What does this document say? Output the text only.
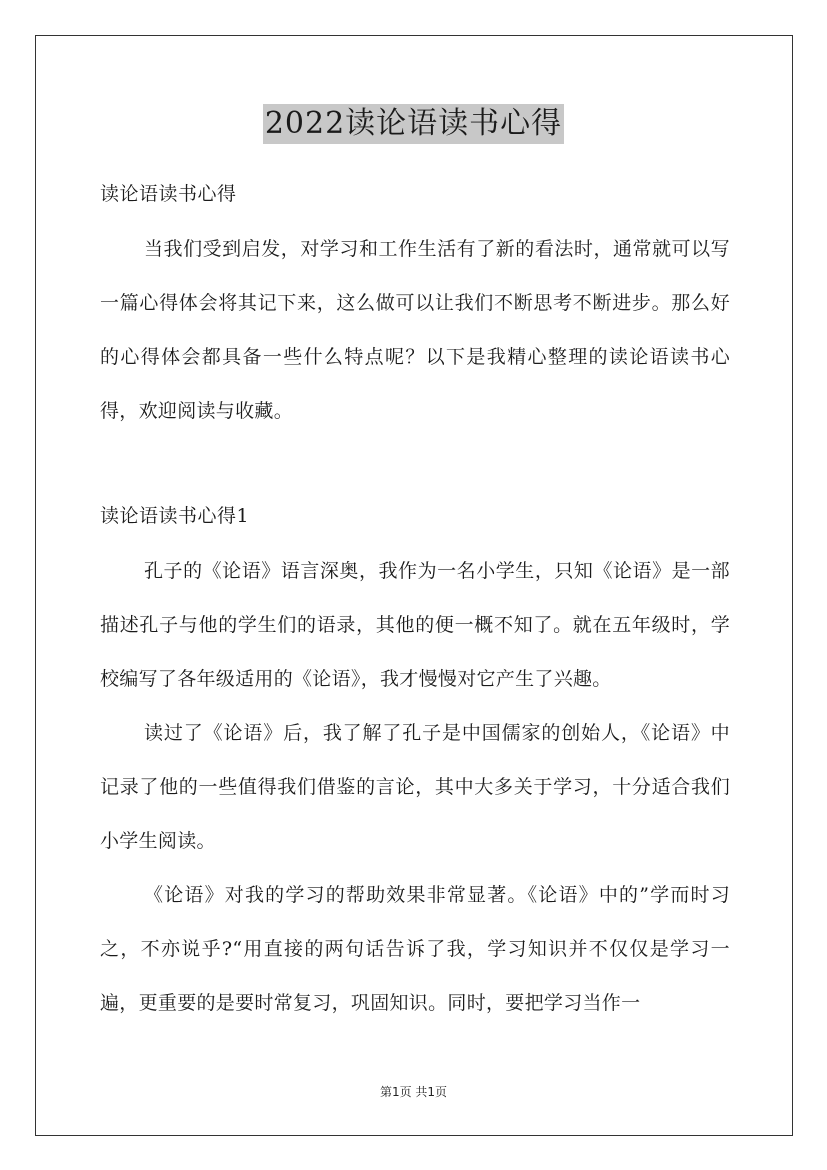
2022读论语读书心得
读论语读书心得

当我们受到启发，对学习和工作生活有了新的看法时，通常就可以写一篇心得体会将其记下来，这么做可以让我们不断思考不断进步。那么好的心得体会都具备一些什么特点呢？以下是我精心整理的读论语读书心得，欢迎阅读与收藏。

读论语读书心得1

孔子的《论语》语言深奥，我作为一名小学生，只知《论语》是一部描述孔子与他的学生们的语录，其他的便一概不知了。就在五年级时，学校编写了各年级适用的《论语》，我才慢慢对它产生了兴趣。

读过了《论语》后，我了解了孔子是中国儒家的创始人，《论语》中记录了他的一些值得我们借鉴的言论，其中大多关于学习，十分适合我们小学生阅读。

《论语》对我的学习的帮助效果非常显著。《论语》中的”学而时习之，不亦说乎?“用直接的两句话告诉了我，学习知识并不仅仅是学习一遍，更重要的是要时常复习，巩固知识。同时，要把学习当作一

第1页 共1页
